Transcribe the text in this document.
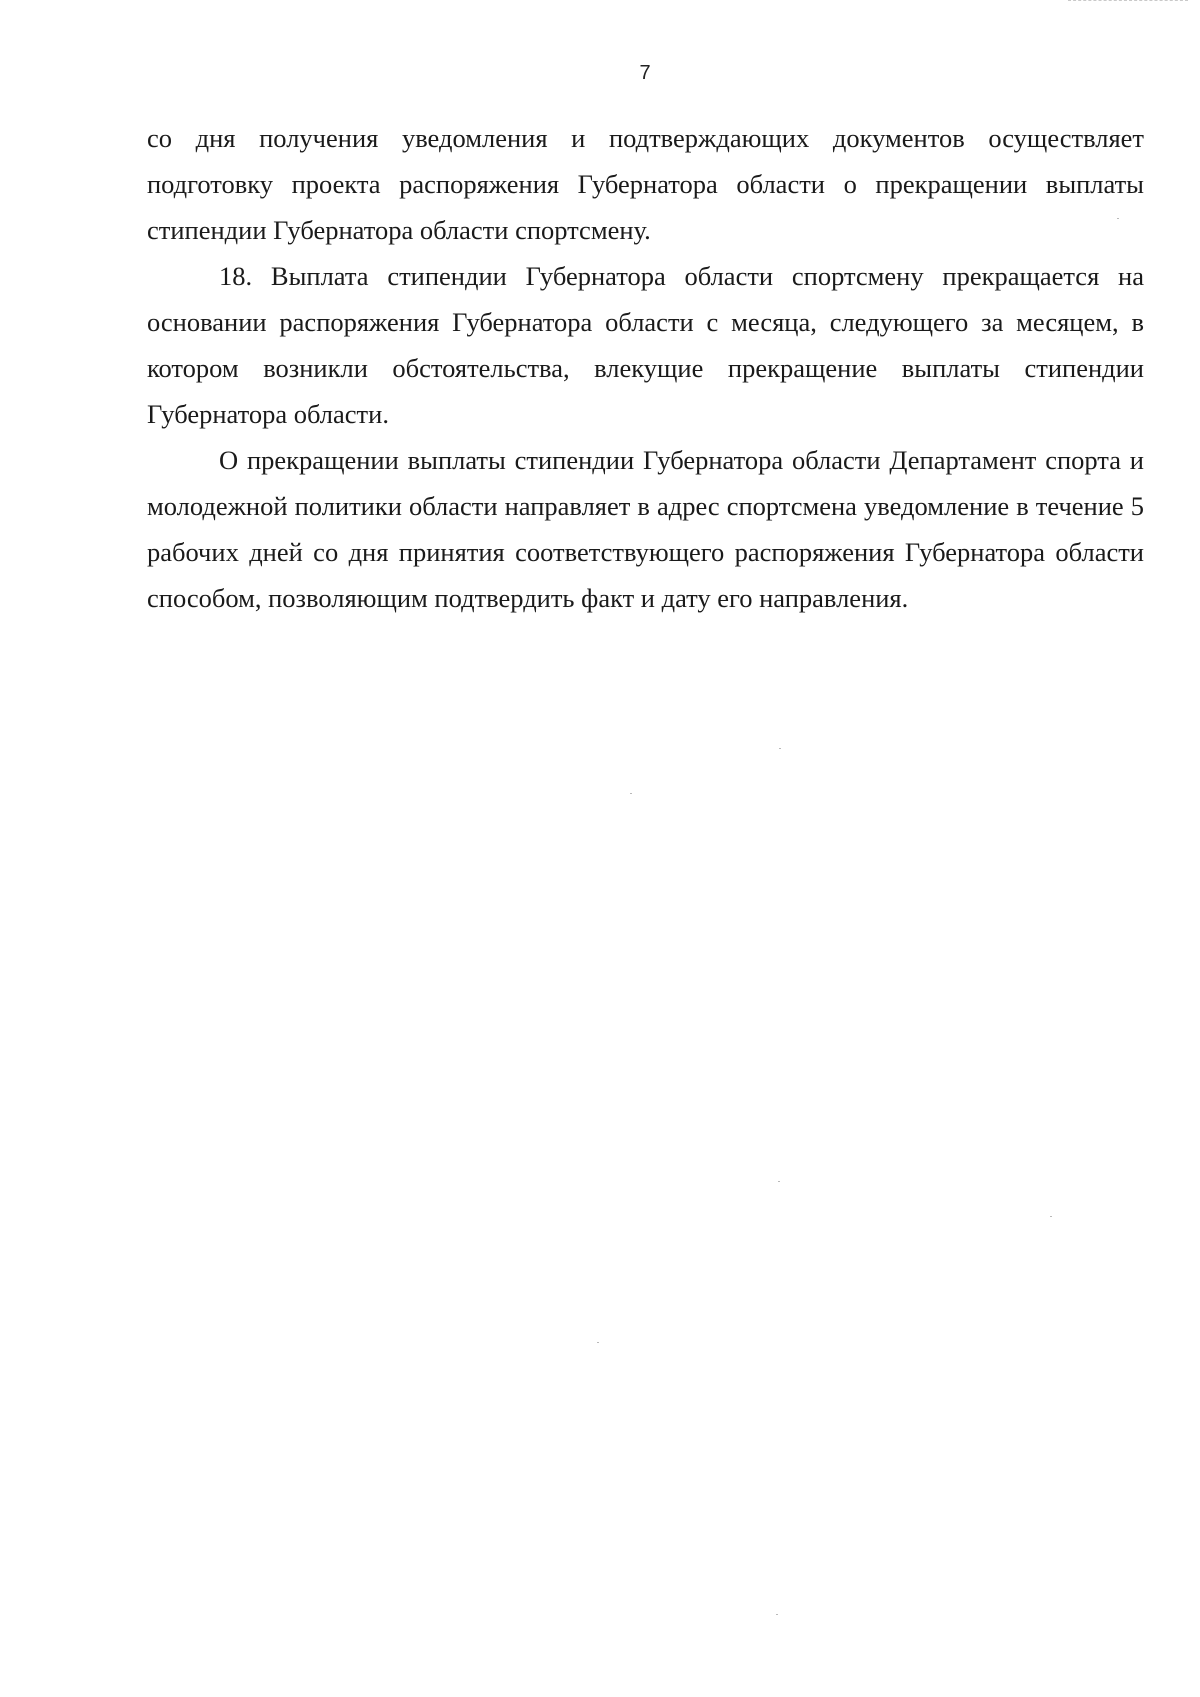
7

со дня получения уведомления и подтверждающих документов осуществляет подготовку проекта распоряжения Губернатора области о прекращении выплаты стипендии Губернатора области спортсмену.

18. Выплата стипендии Губернатора области спортсмену прекращается на основании распоряжения Губернатора области с месяца, следующего за месяцем, в котором возникли обстоятельства, влекущие прекращение выплаты стипендии Губернатора области.

О прекращении выплаты стипендии Губернатора области Департамент спорта и молодежной политики области направляет в адрес спортсмена уведомление в течение 5 рабочих дней со дня принятия соответствующего распоряжения Губернатора области способом, позволяющим подтвердить факт и дату его направления.
